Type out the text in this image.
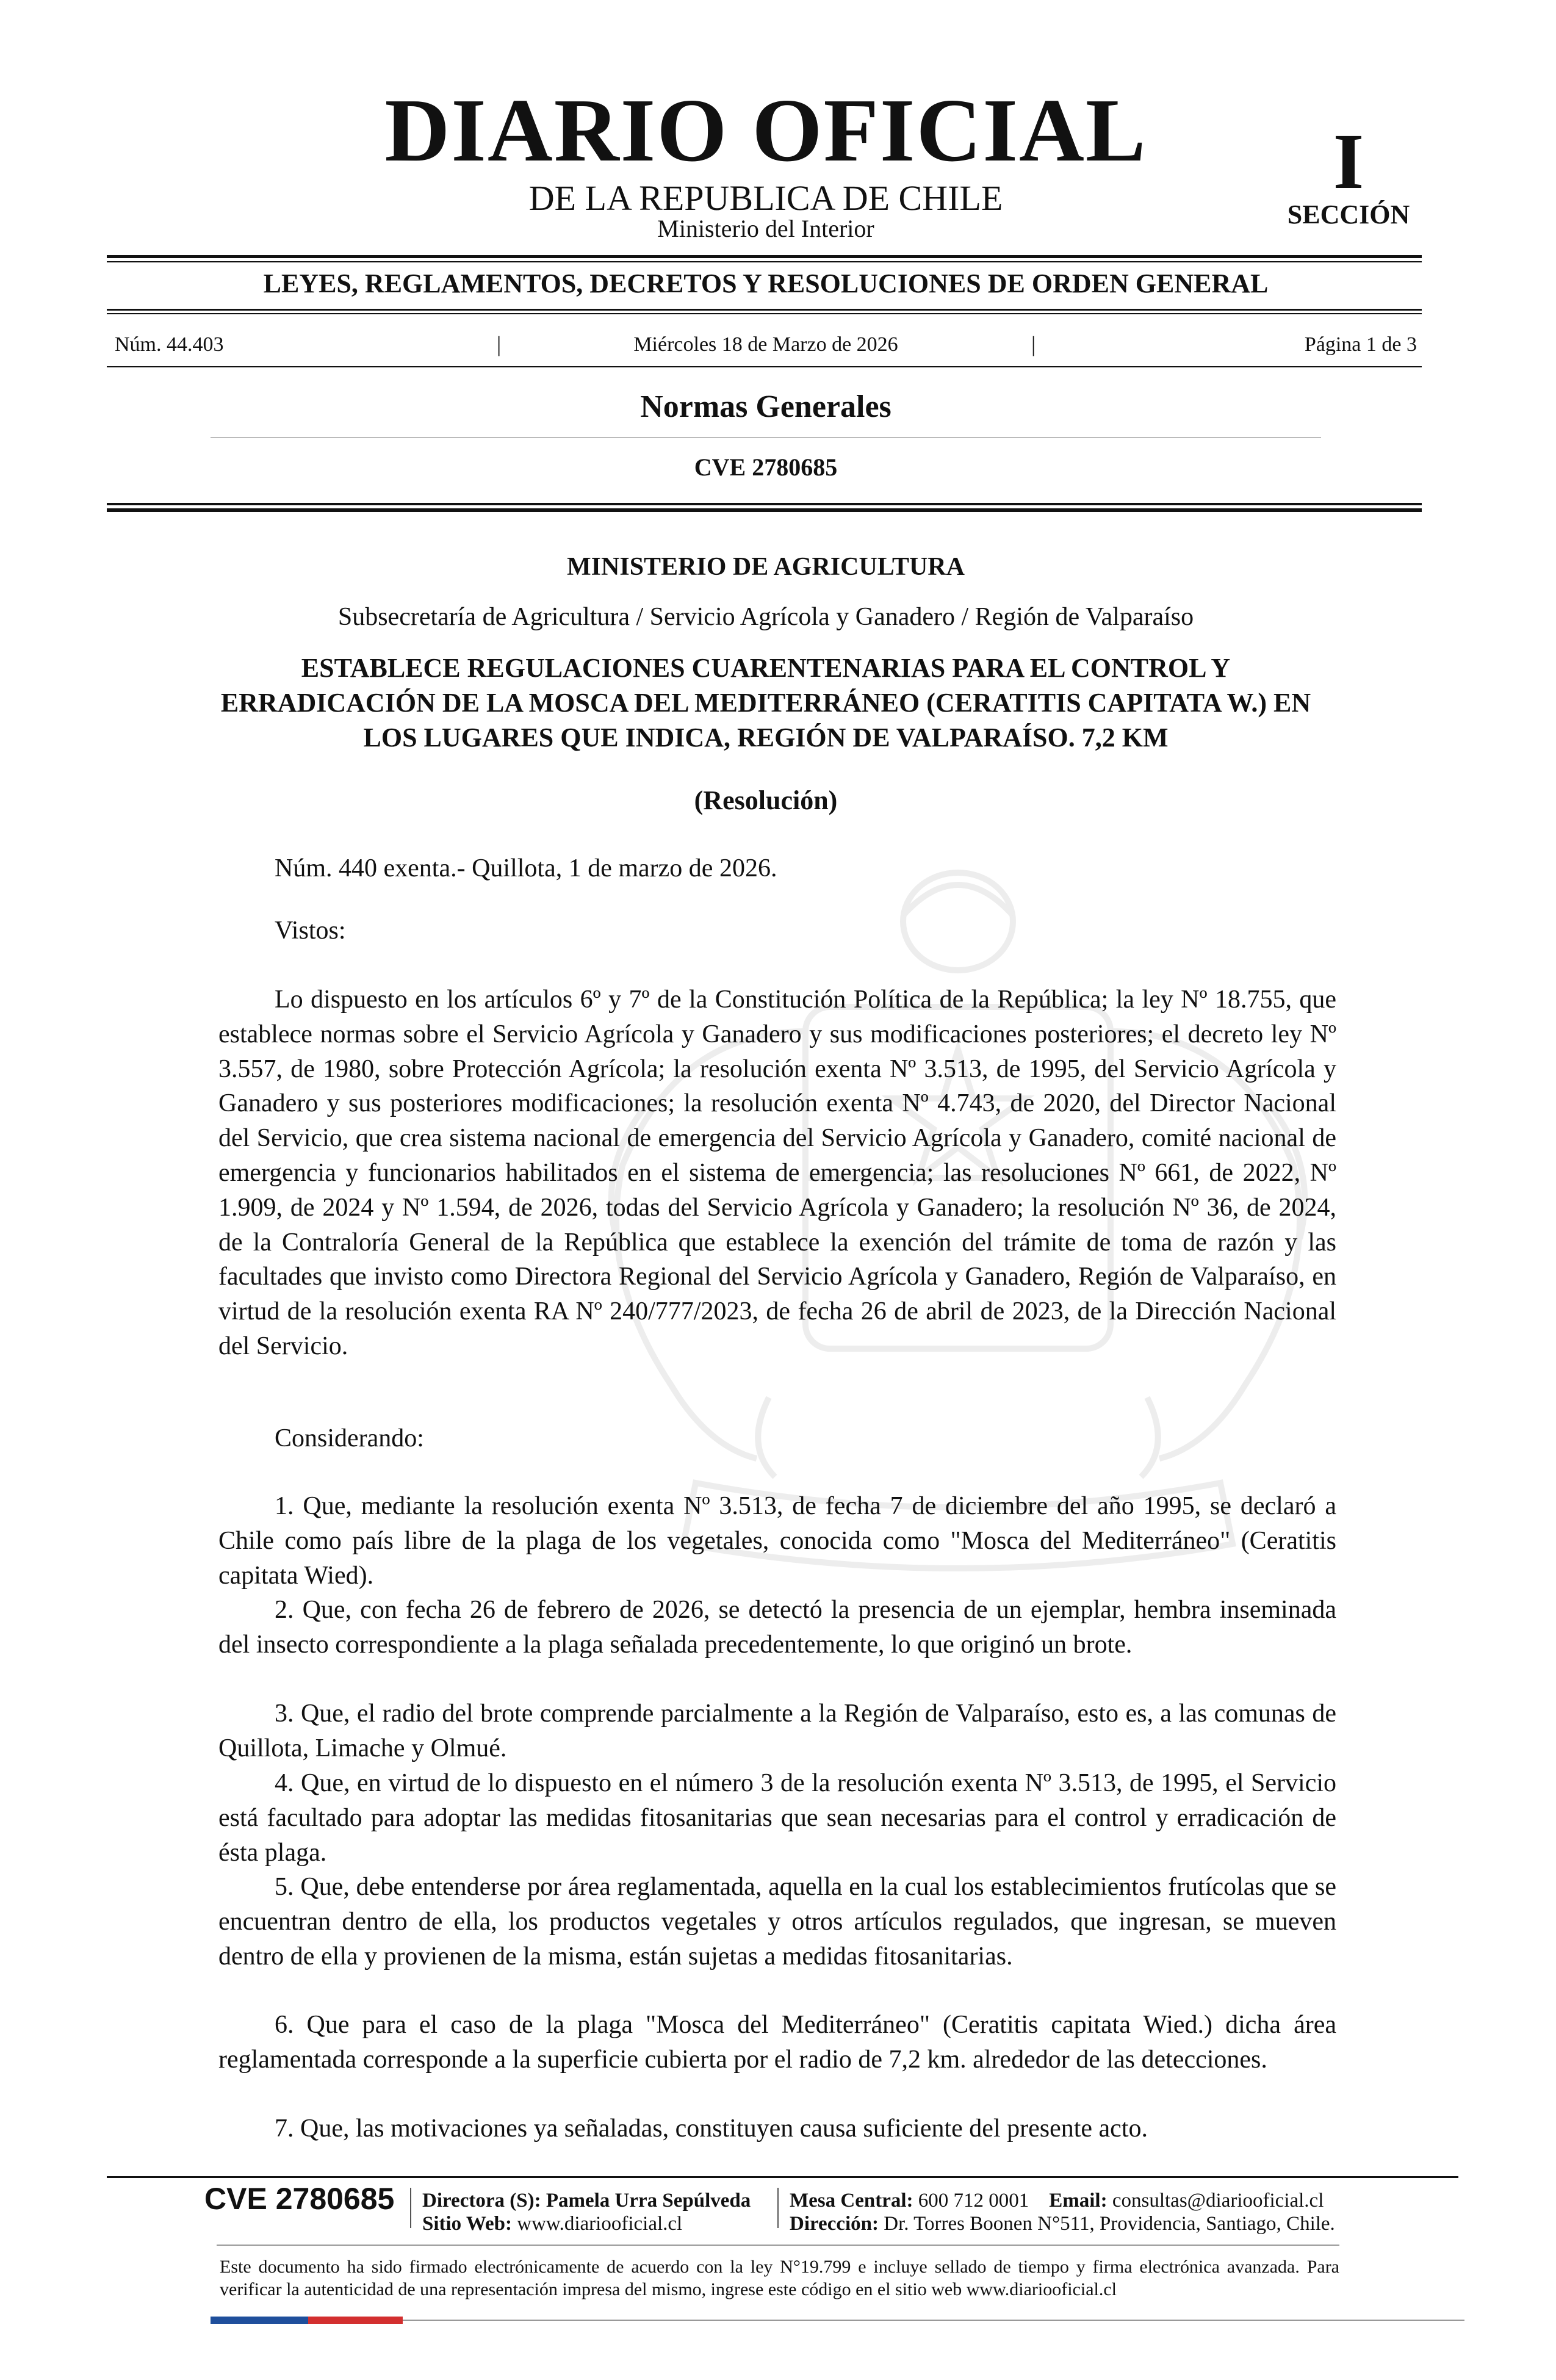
DIARIO OFICIAL
DE LA REPUBLICA DE CHILE
Ministerio del Interior
I
SECCIÓN
LEYES, REGLAMENTOS, DECRETOS Y RESOLUCIONES DE ORDEN GENERAL
Núm. 44.403	|	Miércoles 18 de Marzo de 2026	|	Página 1 de 3
Normas Generales
CVE 2780685
MINISTERIO DE AGRICULTURA
Subsecretaría de Agricultura / Servicio Agrícola y Ganadero / Región de Valparaíso
ESTABLECE REGULACIONES CUARENTENARIAS PARA EL CONTROL Y ERRADICACIÓN DE LA MOSCA DEL MEDITERRÁNEO (CERATITIS CAPITATA W.) EN LOS LUGARES QUE INDICA, REGIÓN DE VALPARAÍSO. 7,2 KM
(Resolución)
Núm. 440 exenta.- Quillota, 1 de marzo de 2026.
Vistos:
Lo dispuesto en los artículos 6º y 7º de la Constitución Política de la República; la ley Nº 18.755, que establece normas sobre el Servicio Agrícola y Ganadero y sus modificaciones posteriores; el decreto ley Nº 3.557, de 1980, sobre Protección Agrícola; la resolución exenta Nº 3.513, de 1995, del Servicio Agrícola y Ganadero y sus posteriores modificaciones; la resolución exenta Nº 4.743, de 2020, del Director Nacional del Servicio, que crea sistema nacional de emergencia del Servicio Agrícola y Ganadero, comité nacional de emergencia y funcionarios habilitados en el sistema de emergencia; las resoluciones Nº 661, de 2022, Nº 1.909, de 2024 y Nº 1.594, de 2026, todas del Servicio Agrícola y Ganadero; la resolución Nº 36, de 2024, de la Contraloría General de la República que establece la exención del trámite de toma de razón y las facultades que invisto como Directora Regional del Servicio Agrícola y Ganadero, Región de Valparaíso, en virtud de la resolución exenta RA Nº 240/777/2023, de fecha 26 de abril de 2023, de la Dirección Nacional del Servicio.
Considerando:
1. Que, mediante la resolución exenta Nº 3.513, de fecha 7 de diciembre del año 1995, se declaró a Chile como país libre de la plaga de los vegetales, conocida como "Mosca del Mediterráneo" (Ceratitis capitata Wied).
2. Que, con fecha 26 de febrero de 2026, se detectó la presencia de un ejemplar, hembra inseminada del insecto correspondiente a la plaga señalada precedentemente, lo que originó un brote.
3. Que, el radio del brote comprende parcialmente a la Región de Valparaíso, esto es, a las comunas de Quillota, Limache y Olmué.
4. Que, en virtud de lo dispuesto en el número 3 de la resolución exenta Nº 3.513, de 1995, el Servicio está facultado para adoptar las medidas fitosanitarias que sean necesarias para el control y erradicación de ésta plaga.
5. Que, debe entenderse por área reglamentada, aquella en la cual los establecimientos frutícolas que se encuentran dentro de ella, los productos vegetales y otros artículos regulados, que ingresan, se mueven dentro de ella y provienen de la misma, están sujetas a medidas fitosanitarias.
6. Que para el caso de la plaga "Mosca del Mediterráneo" (Ceratitis capitata Wied.) dicha área reglamentada corresponde a la superficie cubierta por el radio de 7,2 km. alrededor de las detecciones.
7. Que, las motivaciones ya señaladas, constituyen causa suficiente del presente acto.
CVE 2780685 Directora (S): Pamela Urra Sepúlveda
Sitio Web: www.diariooficial.cl
Mesa Central: 600 712 0001 Email: consultas@diariooficial.cl
Dirección: Dr. Torres Boonen N°511, Providencia, Santiago, Chile.
Este documento ha sido firmado electrónicamente de acuerdo con la ley N°19.799 e incluye sellado de tiempo y firma electrónica avanzada. Para verificar la autenticidad de una representación impresa del mismo, ingrese este código en el sitio web www.diariooficial.cl
